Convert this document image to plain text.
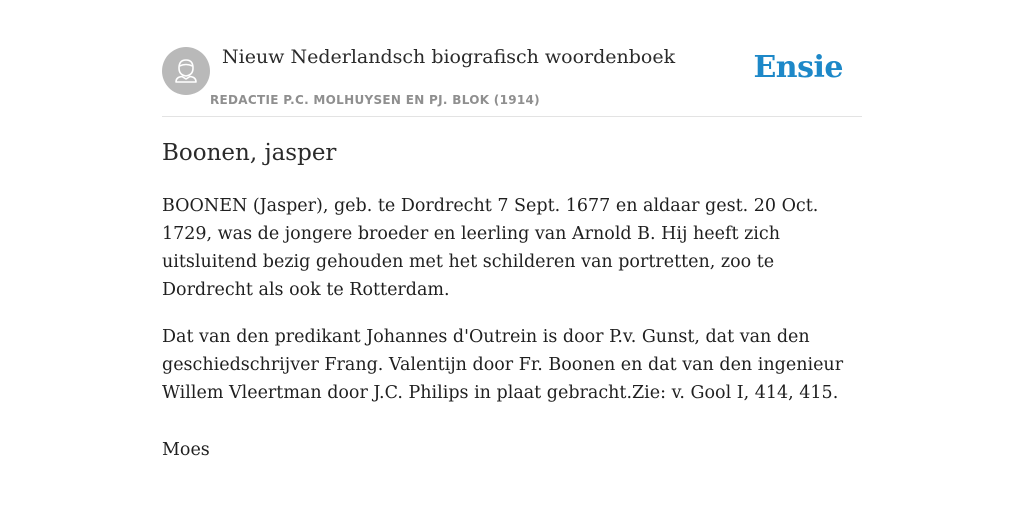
Nieuw Nederlandsch biografisch woordenboek
REDACTIE P.C. MOLHUYSEN EN PJ. BLOK (1914)
Ensie
Boonen, jasper

BOONEN (Jasper), geb. te Dordrecht 7 Sept. 1677 en aldaar gest. 20 Oct. 1729, was de jongere broeder en leerling van Arnold B. Hij heeft zich uitsluitend bezig gehouden met het schilderen van portretten, zoo te Dordrecht als ook te Rotterdam.

Dat van den predikant Johannes d'Outrein is door P.v. Gunst, dat van den geschiedschrijver Frang. Valentijn door Fr. Boonen en dat van den ingenieur Willem Vleertman door J.C. Philips in plaat gebracht.Zie: v. Gool I, 414, 415.

Moes
